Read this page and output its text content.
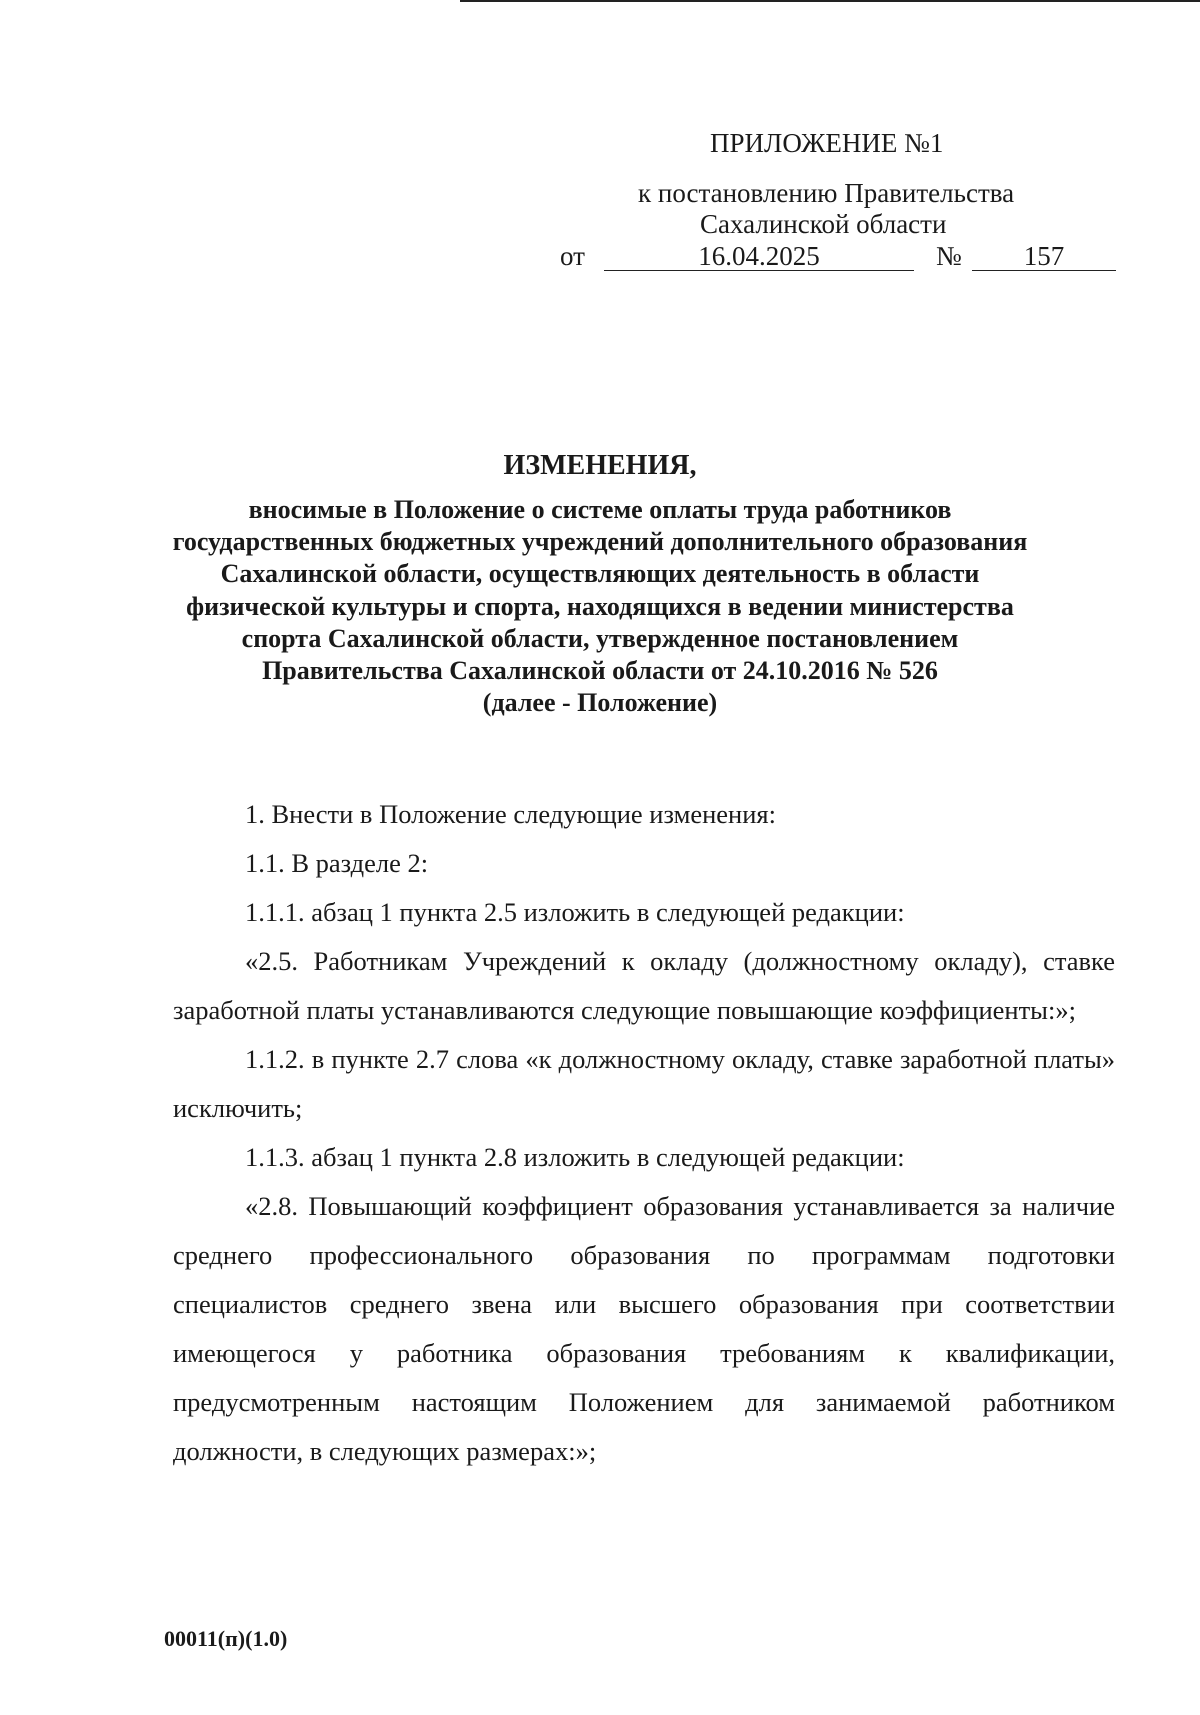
ПРИЛОЖЕНИЕ №1
к постановлению Правительства
Сахалинской области
от	16.04.2025	№	157
ИЗМЕНЕНИЯ,
вносимые в Положение о системе оплаты труда работников
государственных бюджетных учреждений дополнительного образования
Сахалинской области, осуществляющих деятельность в области
физической культуры и спорта, находящихся в ведении министерства
спорта Сахалинской области, утвержденное постановлением
Правительства Сахалинской области от 24.10.2016 № 526
(далее - Положение)

1. Внести в Положение следующие изменения:

1.1. В разделе 2:

1.1.1. абзац 1 пункта 2.5 изложить в следующей редакции:

«2.5. Работникам Учреждений к окладу (должностному окладу), ставке заработной платы устанавливаются следующие повышающие коэффициенты:»;

1.1.2. в пункте 2.7 слова «к должностному окладу, ставке заработной платы» исключить;

1.1.3. абзац 1 пункта 2.8 изложить в следующей редакции:

«2.8. Повышающий коэффициент образования устанавливается за наличие среднего профессионального образования по программам подготовки специалистов среднего звена или высшего образования при соответствии имеющегося у работника образования требованиям к квалификации, предусмотренным настоящим Положением для занимаемой работником должности, в следующих размерах:»;

00011(п)(1.0)
